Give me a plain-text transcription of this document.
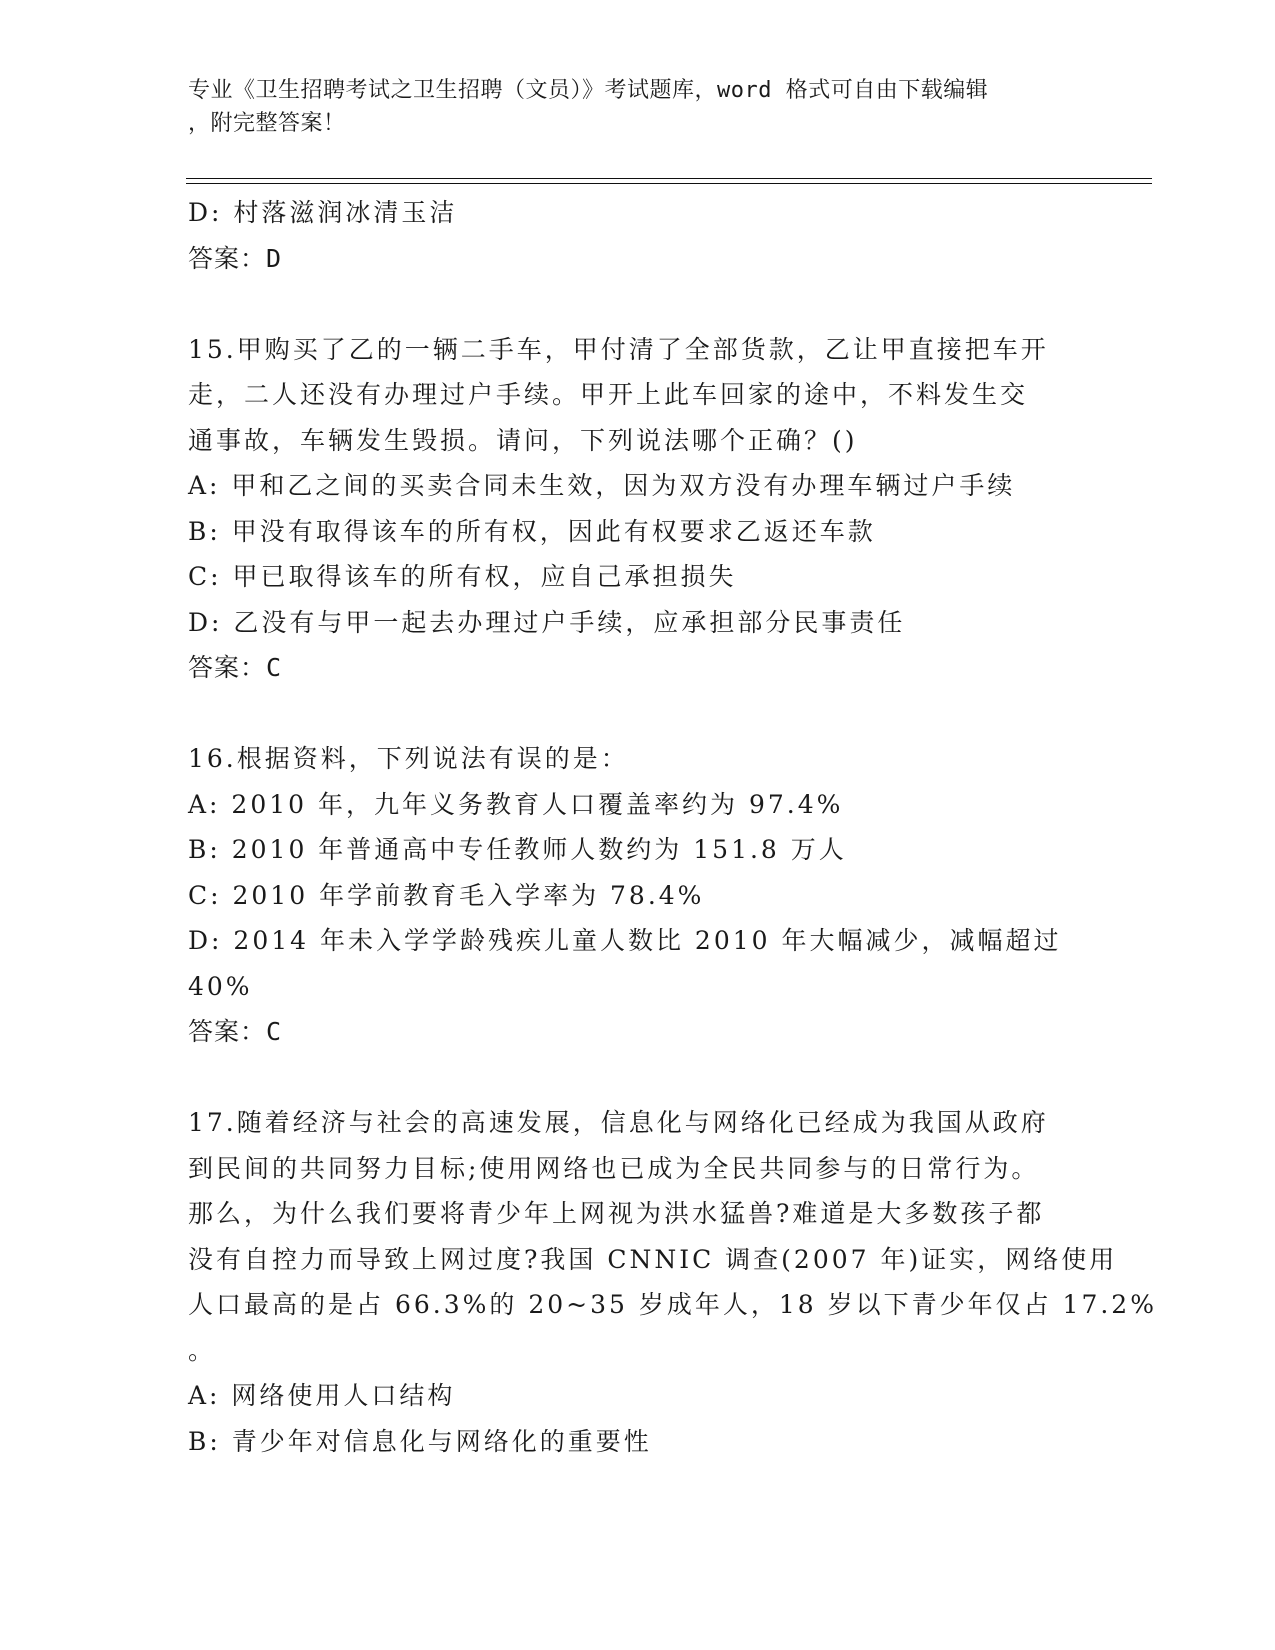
专业《卫生招聘考试之卫生招聘（文员）》考试题库，word 格式可自由下载编辑
，附完整答案！
D: 村落滋润冰清玉洁
答案：D
15.甲购买了乙的一辆二手车，甲付清了全部货款，乙让甲直接把车开
走，二人还没有办理过户手续。甲开上此车回家的途中，不料发生交
通事故，车辆发生毁损。请问，下列说法哪个正确？()
A: 甲和乙之间的买卖合同未生效，因为双方没有办理车辆过户手续
B: 甲没有取得该车的所有权，因此有权要求乙返还车款
C: 甲已取得该车的所有权，应自己承担损失
D: 乙没有与甲一起去办理过户手续，应承担部分民事责任
答案：C
16.根据资料，下列说法有误的是：
A: 2010 年，九年义务教育人口覆盖率约为 97.4%
B: 2010 年普通高中专任教师人数约为 151.8 万人
C: 2010 年学前教育毛入学率为 78.4%
D: 2014 年未入学学龄残疾儿童人数比 2010 年大幅减少，减幅超过
40%
答案：C
17.随着经济与社会的高速发展，信息化与网络化已经成为我国从政府
到民间的共同努力目标;使用网络也已成为全民共同参与的日常行为。
那么，为什么我们要将青少年上网视为洪水猛兽?难道是大多数孩子都
没有自控力而导致上网过度?我国 CNNIC 调查(2007 年)证实，网络使用
人口最高的是占 66.3%的 20~35 岁成年人，18 岁以下青少年仅占 17.2%
。
A: 网络使用人口结构
B: 青少年对信息化与网络化的重要性
